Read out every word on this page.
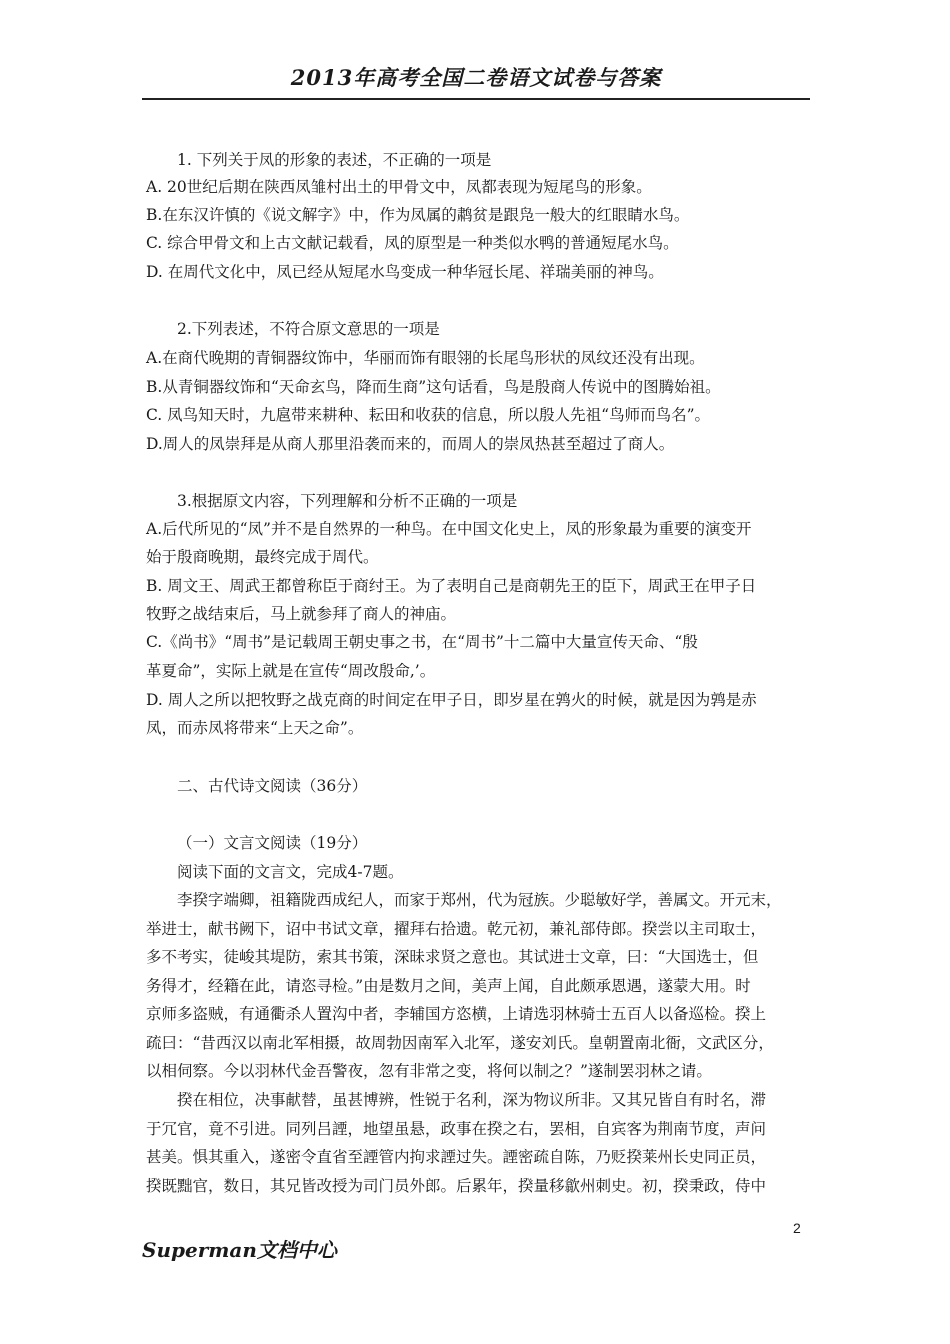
2013年高考全国二卷语文试卷与答案
1. 下列关于凤的形象的表述，不正确的一项是
A. 20世纪后期在陕西凤雏村出土的甲骨文中，凤都表现为短尾鸟的形象。
B.在东汉许慎的《说文解字》中，作为凤属的鹔贫是跟凫一般大的红眼睛水鸟。
C. 综合甲骨文和上古文献记载看，凤的原型是一种类似水鸭的普通短尾水鸟。
D. 在周代文化中，凤已经从短尾水鸟变成一种华冠长尾、祥瑞美丽的神鸟。
2.下列表述，不符合原文意思的一项是
A.在商代晚期的青铜器纹饰中，华丽而饰有眼翎的长尾鸟形状的凤纹还没有出现。
B.从青铜器纹饰和“天命玄鸟，降而生商”这句话看，鸟是殷商人传说中的图腾始祖。
C. 凤鸟知天时，九扈带来耕种、耘田和收获的信息，所以殷人先祖“鸟师而鸟名”。
D.周人的凤崇拜是从商人那里沿袭而来的，而周人的崇凤热甚至超过了商人。
3.根据原文内容，下列理解和分析不正确的一项是
A.后代所见的“凤”并不是自然界的一种鸟。在中国文化史上，凤的形象最为重要的演变开
始于殷商晚期，最终完成于周代。
B. 周文王、周武王都曾称臣于商纣王。为了表明自己是商朝先王的臣下，周武王在甲子日
牧野之战结束后，马上就参拜了商人的神庙。
C.《尚书》“周书”是记载周王朝史事之书，在“周书”十二篇中大量宣传天命、“殷
革夏命”，实际上就是在宣传“周改殷命,’。
D. 周人之所以把牧野之战克商的时间定在甲子日，即岁星在鹑火的时候，就是因为鹑是赤
凤，而赤凤将带来“上天之命”。
二、古代诗文阅读（36分）
（一）文言文阅读（19分）
阅读下面的文言文，完成4-7题。
李揆字端卿，祖籍陇西成纪人，而家于郑州，代为冠族。少聪敏好学，善属文。开元末，
举进士，献书阙下，诏中书试文章，擢拜右拾遗。乾元初，兼礼部侍郎。揆尝以主司取士，
多不考实，徒峻其堤防，索其书策，深昧求贤之意也。其试进士文章，曰：“大国选士，但
务得才，经籍在此，请恣寻检。”由是数月之间，美声上闻，自此颇承恩遇，遂蒙大用。时
京师多盗贼，有通衢杀人置沟中者，李辅国方恣横，上请选羽林骑士五百人以备巡检。揆上
疏曰：“昔西汉以南北军相摄，故周勃因南军入北军，遂安刘氏。皇朝置南北衙，文武区分，
以相伺察。今以羽林代金吾警夜，忽有非常之变，将何以制之？”遂制罢羽林之请。
揆在相位，决事献替，虽甚博辨，性锐于名利，深为物议所非。又其兄皆自有时名，滞
于冗官，竟不引进。同列吕諲，地望虽悬，政事在揆之右，罢相，自宾客为荆南节度，声问
甚美。惧其重入，遂密令直省至諲管内拘求諲过失。諲密疏自陈，乃贬揆莱州长史同正员，
揆既黜官，数日，其兄皆改授为司门员外郎。后累年，揆量移歙州刺史。初，揆秉政，侍中
2
Superman文档中心
